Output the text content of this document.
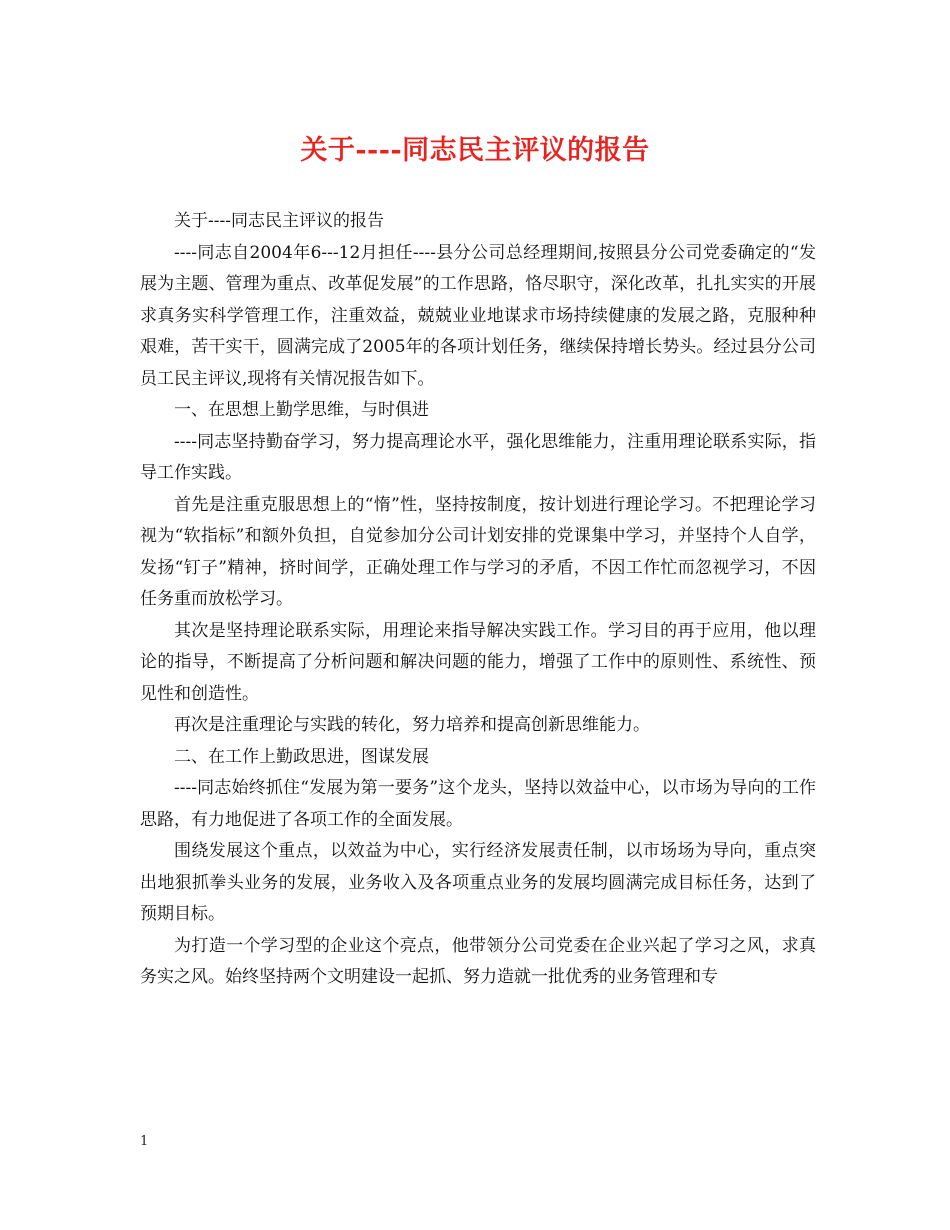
关于----同志民主评议的报告

关于----同志民主评议的报告

----同志自2004年6---12月担任----县分公司总经理期间,按照县分公司党委确定的“发展为主题、管理为重点、改革促发展”的工作思路，恪尽职守，深化改革，扎扎实实的开展求真务实科学管理工作，注重效益，兢兢业业地谋求市场持续健康的发展之路，克服种种艰难，苦干实干，圆满完成了2005年的各项计划任务，继续保持增长势头。经过县分公司员工民主评议,现将有关情况报告如下。

一、在思想上勤学思维，与时俱进

----同志坚持勤奋学习，努力提高理论水平，强化思维能力，注重用理论联系实际，指导工作实践。

首先是注重克服思想上的“惰”性，坚持按制度，按计划进行理论学习。不把理论学习视为“软指标”和额外负担，自觉参加分公司计划安排的党课集中学习，并坚持个人自学，发扬“钉子”精神，挤时间学，正确处理工作与学习的矛盾，不因工作忙而忽视学习，不因任务重而放松学习。

其次是坚持理论联系实际，用理论来指导解决实践工作。学习目的再于应用，他以理论的指导，不断提高了分析问题和解决问题的能力，增强了工作中的原则性、系统性、预见性和创造性。

再次是注重理论与实践的转化，努力培养和提高创新思维能力。

二、在工作上勤政思进，图谋发展

----同志始终抓住“发展为第一要务”这个龙头，坚持以效益中心，以市场为导向的工作思路，有力地促进了各项工作的全面发展。

围绕发展这个重点，以效益为中心，实行经济发展责任制，以市场场为导向，重点突出地狠抓拳头业务的发展，业务收入及各项重点业务的发展均圆满完成目标任务，达到了预期目标。

为打造一个学习型的企业这个亮点，他带领分公司党委在企业兴起了学习之风，求真务实之风。始终坚持两个文明建设一起抓、努力造就一批优秀的业务管理和专

1
